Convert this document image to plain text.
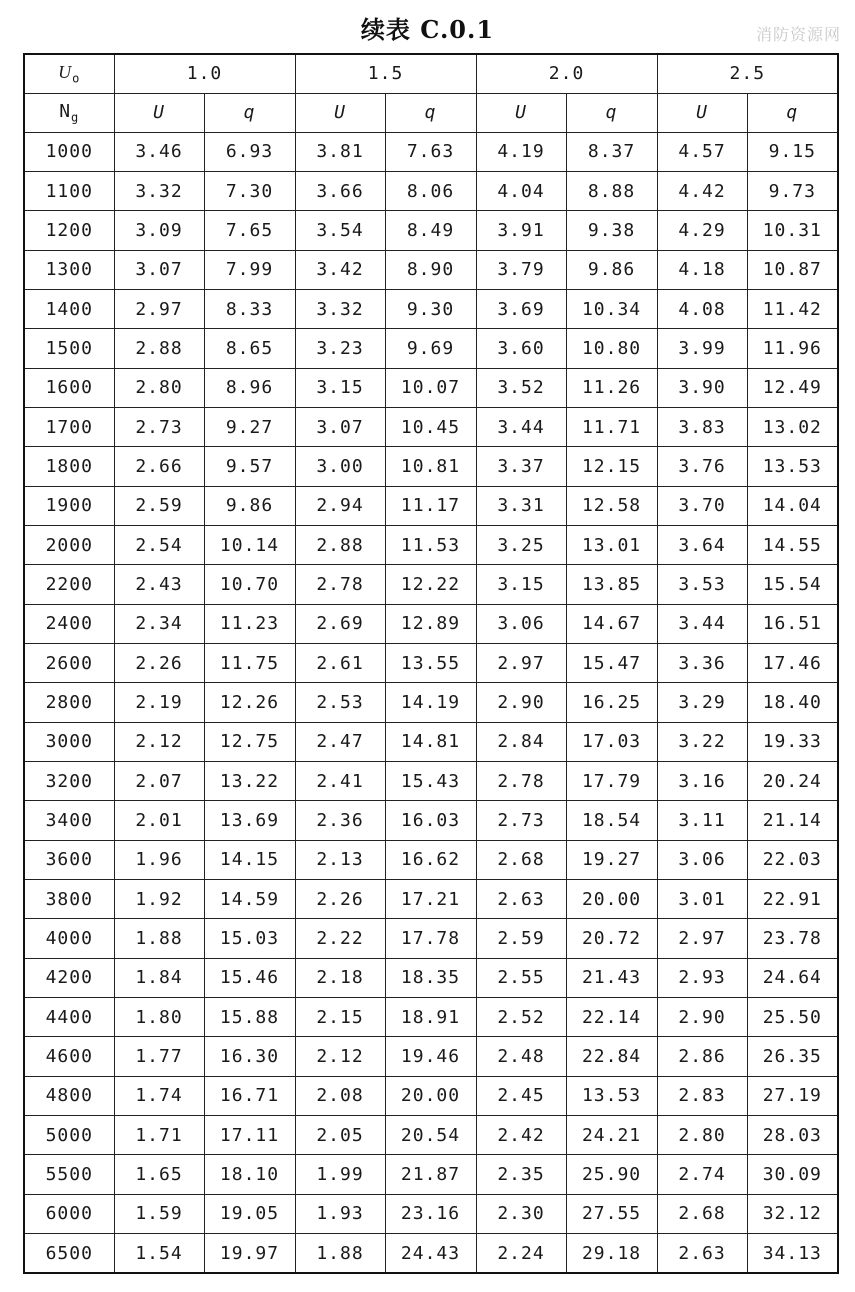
续表 C.0.1	消防资源网
$U_o$	1.0		1.5		2.0		2.5	
$N_g$	U	q	U	q	U	q	U	q
1000	3.46	6.93	3.81	7.63	4.19	8.37	4.57	9.15
1100	3.32	7.30	3.66	8.06	4.04	8.88	4.42	9.73
1200	3.09	7.65	3.54	8.49	3.91	9.38	4.29	10.31
1300	3.07	7.99	3.42	8.90	3.79	9.86	4.18	10.87
1400	2.97	8.33	3.32	9.30	3.69	10.34	4.08	11.42
1500	2.88	8.65	3.23	9.69	3.60	10.80	3.99	11.96
1600	2.80	8.96	3.15	10.07	3.52	11.26	3.90	12.49
1700	2.73	9.27	3.07	10.45	3.44	11.71	3.83	13.02
1800	2.66	9.57	3.00	10.81	3.37	12.15	3.76	13.53
1900	2.59	9.86	2.94	11.17	3.31	12.58	3.70	14.04
2000	2.54	10.14	2.88	11.53	3.25	13.01	3.64	14.55
2200	2.43	10.70	2.78	12.22	3.15	13.85	3.53	15.54
2400	2.34	11.23	2.69	12.89	3.06	14.67	3.44	16.51
2600	2.26	11.75	2.61	13.55	2.97	15.47	3.36	17.46
2800	2.19	12.26	2.53	14.19	2.90	16.25	3.29	18.40
3000	2.12	12.75	2.47	14.81	2.84	17.03	3.22	19.33
3200	2.07	13.22	2.41	15.43	2.78	17.79	3.16	20.24
3400	2.01	13.69	2.36	16.03	2.73	18.54	3.11	21.14
3600	1.96	14.15	2.13	16.62	2.68	19.27	3.06	22.03
3800	1.92	14.59	2.26	17.21	2.63	20.00	3.01	22.91
4000	1.88	15.03	2.22	17.78	2.59	20.72	2.97	23.78
4200	1.84	15.46	2.18	18.35	2.55	21.43	2.93	24.64
4400	1.80	15.88	2.15	18.91	2.52	22.14	2.90	25.50
4600	1.77	16.30	2.12	19.46	2.48	22.84	2.86	26.35
4800	1.74	16.71	2.08	20.00	2.45	13.53	2.83	27.19
5000	1.71	17.11	2.05	20.54	2.42	24.21	2.80	28.03
5500	1.65	18.10	1.99	21.87	2.35	25.90	2.74	30.09
6000	1.59	19.05	1.93	23.16	2.30	27.55	2.68	32.12
6500	1.54	19.97	1.88	24.43	2.24	29.18	2.63	34.13
